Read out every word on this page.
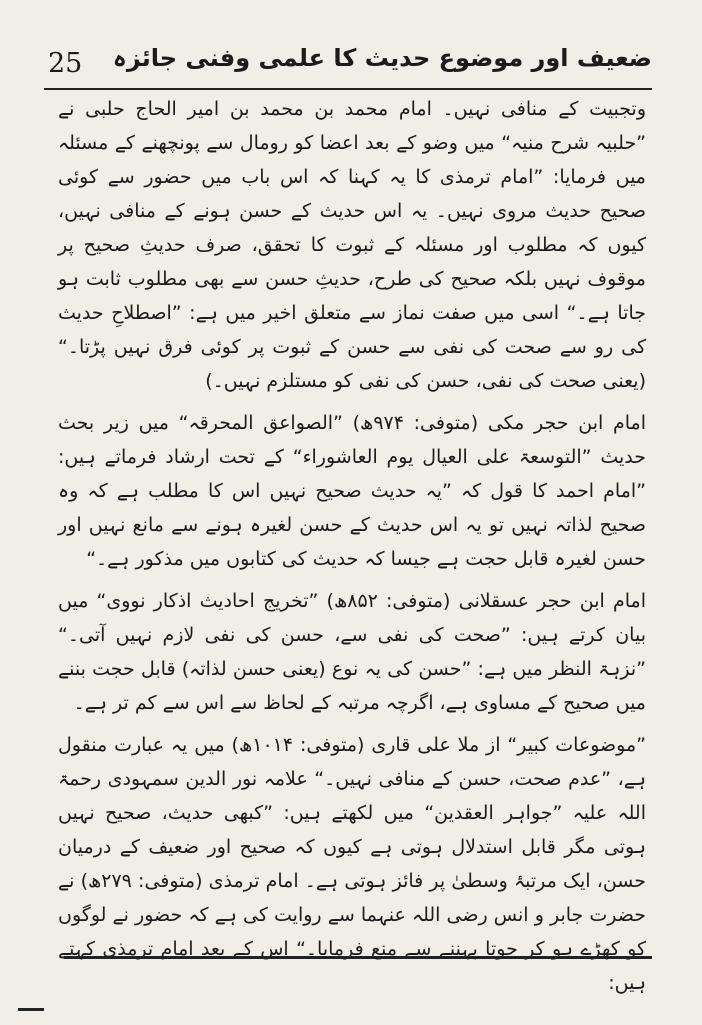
25 ضعیف اور موضوع حدیث کا علمی وفنی جائزہ

وتجبیت کے منافی نہیں۔ امام محمد بن محمد بن امیر الحاج حلبی نے ”حلبیہ شرح منیہ“ میں وضو کے بعد اعضا کو رومال سے پونچھنے کے مسئلہ میں فرمایا: ”امام ترمذی کا یہ کہنا کہ اس باب میں حضور سے کوئی صحیح حدیث مروی نہیں۔ یہ اس حدیث کے حسن ہونے کے منافی نہیں، کیوں کہ مطلوب اور مسئلہ کے ثبوت کا تحقق، صرف حدیثِ صحیح پر موقوف نہیں بلکہ صحیح کی طرح، حدیثِ حسن سے بھی مطلوب ثابت ہو جاتا ہے۔“ اسی میں صفت نماز سے متعلق اخیر میں ہے: ”اصطلاحِ حدیث کی رو سے صحت کی نفی سے حسن کے ثبوت پر کوئی فرق نہیں پڑتا۔“ (یعنی صحت کی نفی، حسن کی نفی کو مستلزم نہیں۔)

امام ابن حجر مکی (متوفی: ۹۷۴ھ) ”الصواعق المحرقہ“ میں زیر بحث حدیث ”التوسعۃ علی العیال یوم العاشوراء“ کے تحت ارشاد فرماتے ہیں: ”امام احمد کا قول کہ ”یہ حدیث صحیح نہیں اس کا مطلب ہے کہ وہ صحیح لذاتہ نہیں تو یہ اس حدیث کے حسن لغیرہ ہونے سے مانع نہیں اور حسن لغیرہ قابل حجت ہے جیسا کہ حدیث کی کتابوں میں مذکور ہے۔“

امام ابن حجر عسقلانی (متوفی: ۸۵۲ھ) ”تخریج احادیث اذکار نووی“ میں بیان کرتے ہیں: ”صحت کی نفی سے، حسن کی نفی لازم نہیں آتی۔“ ”نزہۃ النظر میں ہے: ”حسن کی یہ نوع (یعنی حسن لذاتہ) قابل حجت بننے میں صحیح کے مساوی ہے، اگرچہ مرتبہ کے لحاظ سے اس سے کم تر ہے۔

”موضوعات کبیر“ از ملا علی قاری (متوفی: ۱۰۱۴ھ) میں یہ عبارت منقول ہے، ”عدم صحت، حسن کے منافی نہیں۔“ علامہ نور الدین سمہودی رحمۃ اللہ علیہ ”جواہر العقدین“ میں لکھتے ہیں: ”کبھی حدیث، صحیح نہیں ہوتی مگر قابل استدلال ہوتی ہے کیوں کہ صحیح اور ضعیف کے درمیان حسن، ایک مرتبۂ وسطیٰ پر فائز ہوتی ہے۔ امام ترمذی (متوفی: ۲۷۹ھ) نے حضرت جابر و انس رضی اللہ عنہما سے روایت کی ہے کہ حضور نے لوگوں کو کھڑے ہو کر جوتا پہننے سے منع فرمایا۔“ اس کے بعد امام ترمذی کہتے ہیں:
